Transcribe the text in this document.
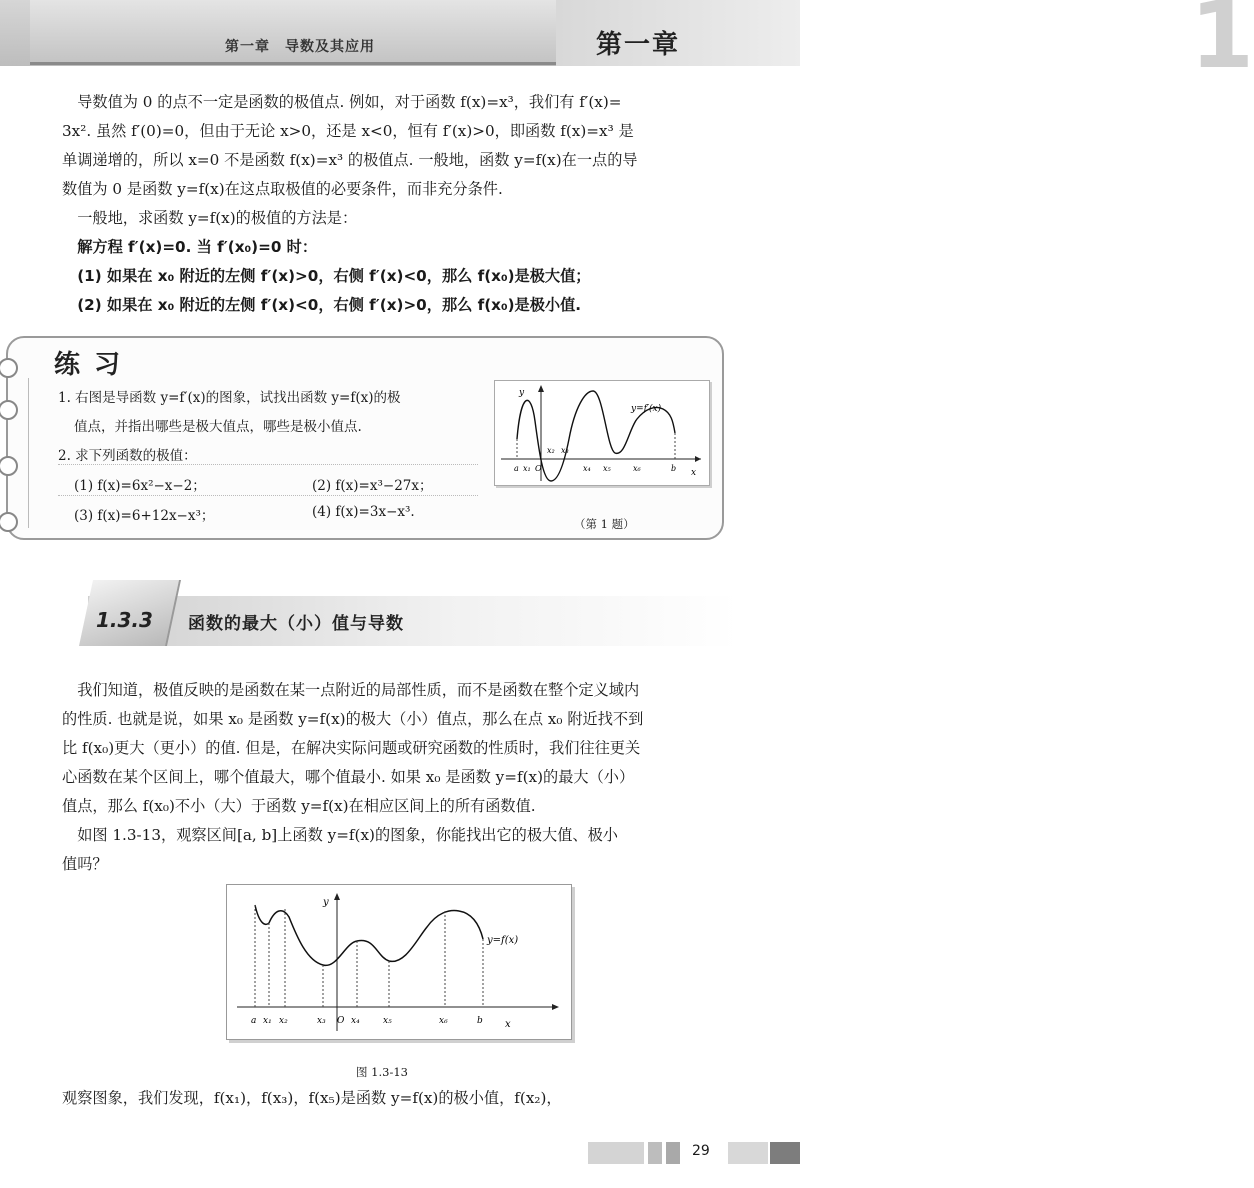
第一章　导数及其应用	1
第一章
　导数值为 0 的点不一定是函数的极值点. 例如，对于函数 f(x)=x³，我们有 f′(x)=
3x². 虽然 f′(0)=0，但由于无论 x>0，还是 x<0，恒有 f′(x)>0，即函数 f(x)=x³ 是
单调递增的，所以 x=0 不是函数 f(x)=x³ 的极值点. 一般地，函数 y=f(x)在一点的导
数值为 0 是函数 y=f(x)在这点取极值的必要条件，而非充分条件.
　一般地，求函数 y=f(x)的极值的方法是：
　解方程 f′(x)=0. 当 f′(x₀)=0 时：
　(1) 如果在 x₀ 附近的左侧 f′(x)>0，右侧 f′(x)<0，那么 f(x₀)是极大值；
　(2) 如果在 x₀ 附近的左侧 f′(x)<0，右侧 f′(x)>0，那么 f(x₀)是极小值.
练习
1. 右图是导函数 y=f′(x)的图象，试找出函数 y=f(x)的极
值点，并指出哪些是极大值点，哪些是极小值点.
2. 求下列函数的极值：
(1) f(x)=6x²−x−2；	(2) f(x)=x³−27x；
(3) f(x)=6+12x−x³；	(4) f(x)=3x−x³.
y
x
y=f′(x)
a x₁ O
x₂ x₃
x₄ x₅	x₆	b
（第 1 题）
1.3.3 函数的最大（小）值与导数
　我们知道，极值反映的是函数在某一点附近的局部性质，而不是函数在整个定义域内
的性质. 也就是说，如果 x₀ 是函数 y=f(x)的极大（小）值点，那么在点 x₀ 附近找不到
比 f(x₀)更大（更小）的值. 但是，在解决实际问题或研究函数的性质时，我们往往更关
心函数在某个区间上，哪个值最大，哪个值最小. 如果 x₀ 是函数 y=f(x)的最大（小）
值点，那么 f(x₀)不小（大）于函数 y=f(x)在相应区间上的所有函数值.
　如图 1.3-13，观察区间[a, b]上函数 y=f(x)的图象，你能找出它的极大值、极小
值吗？
y
x
y=f(x)
a x₁ x₂	x₃ O x₄	x₅	x₆	b
图 1.3-13
观察图象，我们发现，f(x₁)，f(x₃)，f(x₅)是函数 y=f(x)的极小值，f(x₂)，
29
